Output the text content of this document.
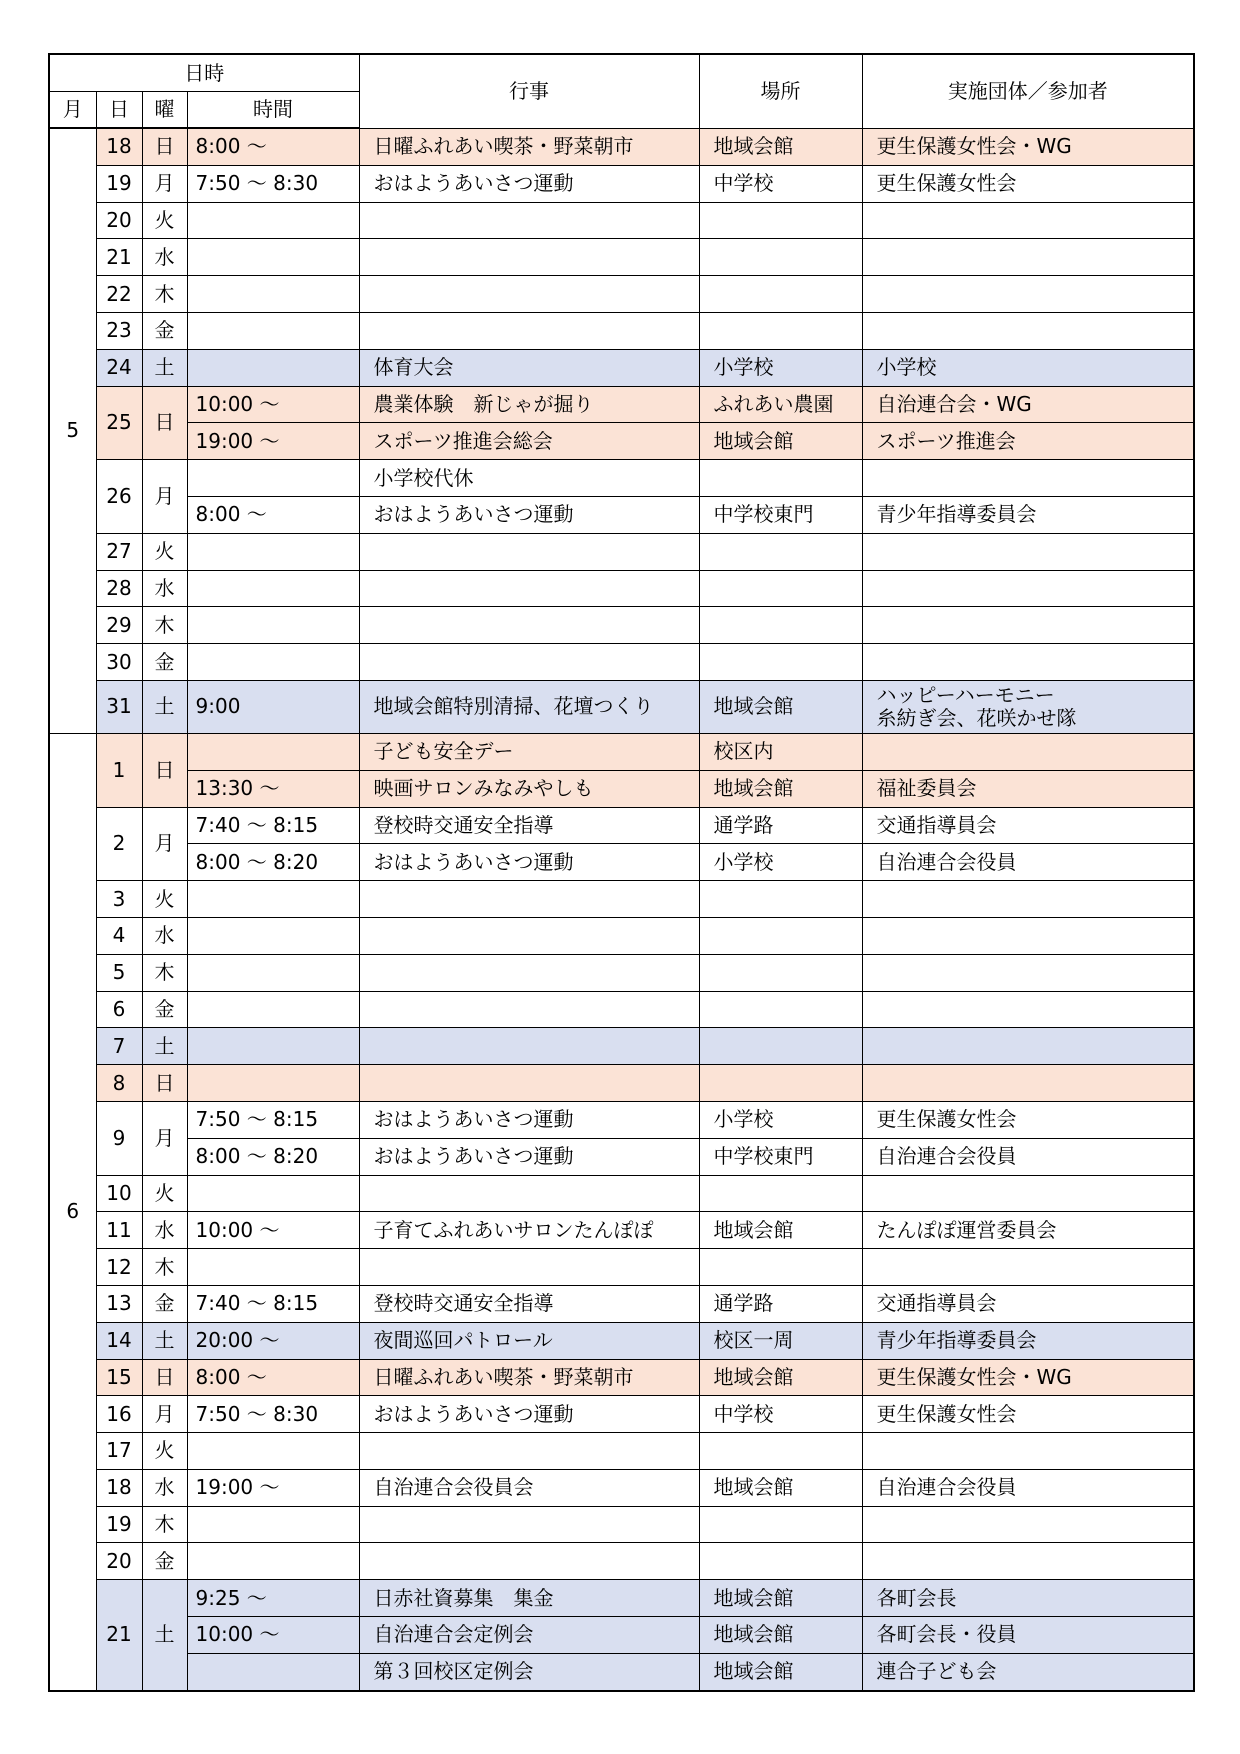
日時				行事	場所	実施団体／参加者
月	日	曜	時間			
5	18	日	8:00 ～	日曜ふれあい喫茶・野菜朝市	地域会館	更生保護女性会・WG
	19	月	7:50 ～ 8:30	おはようあいさつ運動	中学校	更生保護女性会
	20	火				
	21	水				
	22	木				
	23	金				
	24	土		体育大会	小学校	小学校
	25	日	10:00 ～	農業体験　新じゃが掘り	ふれあい農園	自治連合会・WG
			19:00 ～	スポーツ推進会総会	地域会館	スポーツ推進会
	26	月		小学校代休		
			8:00 ～	おはようあいさつ運動	中学校東門	青少年指導委員会
	27	火				
	28	水				
	29	木				
	30	金				
	31	土	9:00	地域会館特別清掃、花壇つくり	地域会館	ハッピーハーモニー
糸紡ぎ会、花咲かせ隊

6	1	日		子ども安全デー	校区内	
			13:30 ～	映画サロンみなみやしも	地域会館	福祉委員会
	2	月	7:40 ～ 8:15	登校時交通安全指導	通学路	交通指導員会
			8:00 ～ 8:20	おはようあいさつ運動	小学校	自治連合会役員
	3	火				
	4	水				
	5	木				
	6	金				
	7	土				
	8	日				
	9	月	7:50 ～ 8:15	おはようあいさつ運動	小学校	更生保護女性会
			8:00 ～ 8:20	おはようあいさつ運動	中学校東門	自治連合会役員
	10	火				
	11	水	10:00 ～	子育てふれあいサロンたんぽぽ	地域会館	たんぽぽ運営委員会
	12	木				
	13	金	7:40 ～ 8:15	登校時交通安全指導	通学路	交通指導員会
	14	土	20:00 ～	夜間巡回パトロール	校区一周	青少年指導委員会
	15	日	8:00 ～	日曜ふれあい喫茶・野菜朝市	地域会館	更生保護女性会・WG
	16	月	7:50 ～ 8:30	おはようあいさつ運動	中学校	更生保護女性会
	17	火				
	18	水	19:00 ～	自治連合会役員会	地域会館	自治連合会役員
	19	木				
	20	金				
	21	土	9:25 ～	日赤社資募集　集金	地域会館	各町会長
			10:00 ～	自治連合会定例会	地域会館	各町会長・役員
				第３回校区定例会	地域会館	連合子ども会
